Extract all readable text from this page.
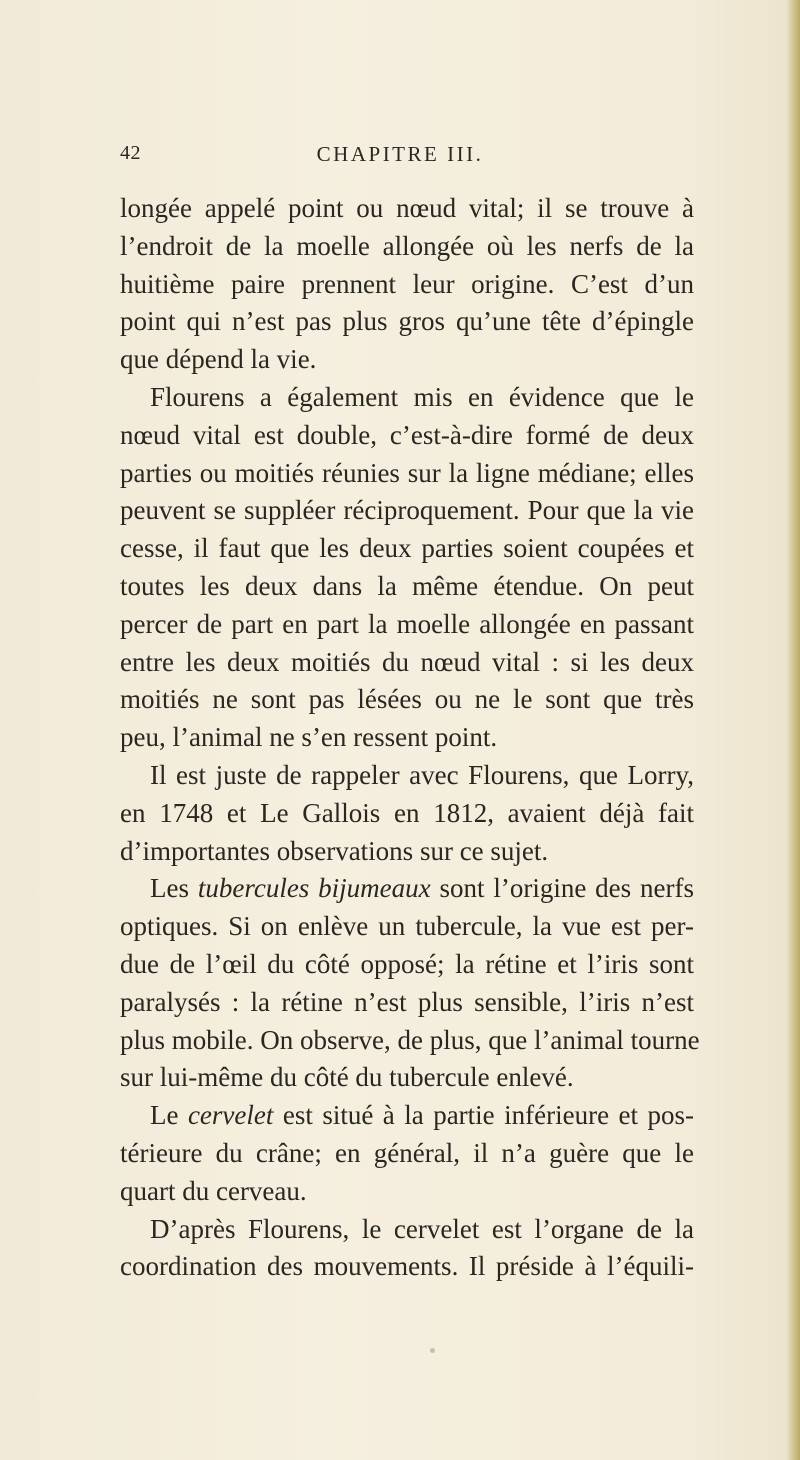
CHAPITRE III.
42
longée appelé point ou nœud vital; il se trouve à
l’endroit de la moelle allongée où les nerfs de la
huitième paire prennent leur origine. C’est d’un
point qui n’est pas plus gros qu’une tête d’épingle
que dépend la vie.
Flourens a également mis en évidence que le
nœud vital est double, c’est-à-dire formé de deux
parties ou moitiés réunies sur la ligne médiane; elles
peuvent se suppléer réciproquement. Pour que la vie
cesse, il faut que les deux parties soient coupées et
toutes les deux dans la même étendue. On peut
percer de part en part la moelle allongée en passant
entre les deux moitiés du nœud vital : si les deux
moitiés ne sont pas lésées ou ne le sont que très
peu, l’animal ne s’en ressent point.
Il est juste de rappeler avec Flourens, que Lorry,
en 1748 et Le Gallois en 1812, avaient déjà fait
d’importantes observations sur ce sujet.
Les tubercules bijumeaux sont l’origine des nerfs
optiques. Si on enlève un tubercule, la vue est per-
due de l’œil du côté opposé; la rétine et l’iris sont
paralysés : la rétine n’est plus sensible, l’iris n’est
plus mobile. On observe, de plus, que l’animal tourne
sur lui-même du côté du tubercule enlevé.
Le cervelet est situé à la partie inférieure et pos-
térieure du crâne; en général, il n’a guère que le
quart du cerveau.
D’après Flourens, le cervelet est l’organe de la
coordination des mouvements. Il préside à l’équili-
